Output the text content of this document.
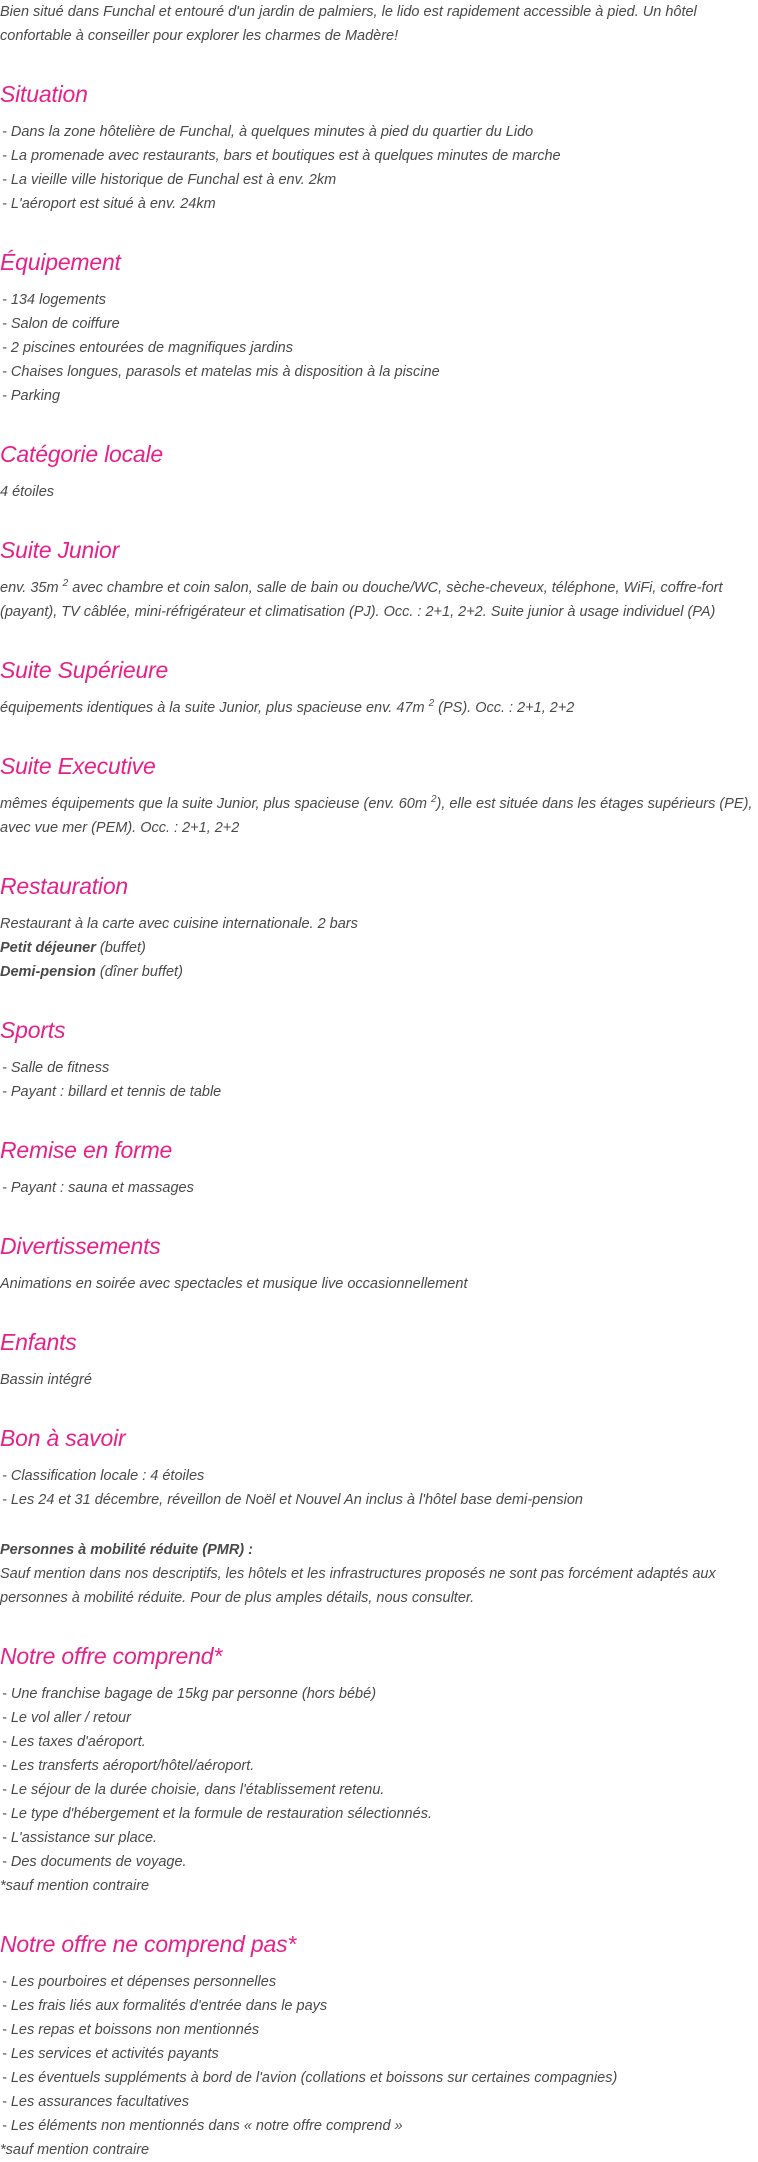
Bien situé dans Funchal et entouré d'un jardin de palmiers, le lido est rapidement accessible à pied. Un hôtel confortable à conseiller pour explorer les charmes de Madère!

Situation
- Dans la zone hôtelière de Funchal, à quelques minutes à pied du quartier du Lido
- La promenade avec restaurants, bars et boutiques est à quelques minutes de marche
- La vieille ville historique de Funchal est à env. 2km
- L'aéroport est situé à env. 24km
Équipement
- 134 logements
- Salon de coiffure
- 2 piscines entourées de magnifiques jardins
- Chaises longues, parasols et matelas mis à disposition à la piscine
- Parking
Catégorie locale

4 étoiles

Suite Junior

env. 35m $^2$ avec chambre et coin salon, salle de bain ou douche/WC, sèche-cheveux, téléphone, WiFi, coffre-fort (payant), TV câblée, mini-réfrigérateur et climatisation (PJ). Occ. : 2+1, 2+2. Suite junior à usage individuel (PA)

Suite Supérieure

équipements identiques à la suite Junior, plus spacieuse env. 47m $^2$ (PS). Occ. : 2+1, 2+2

Suite Executive

mêmes équipements que la suite Junior, plus spacieuse (env. 60m $^2$), elle est située dans les étages supérieurs (PE), avec vue mer (PEM). Occ. : 2+1, 2+2

Restauration
Restaurant à la carte avec cuisine internationale. 2 bars
Petit déjeuner (buffet)
Demi-pension (dîner buffet)
Sports
- Salle de fitness
- Payant : billard et tennis de table
Remise en forme
- Payant : sauna et massages
Divertissements

Animations en soirée avec spectacles et musique live occasionnellement

Enfants

Bassin intégré

Bon à savoir
- Classification locale : 4 étoiles
- Les 24 et 31 décembre, réveillon de Noël et Nouvel An inclus à l'hôtel base demi-pension
Personnes à mobilité réduite (PMR) :

Sauf mention dans nos descriptifs, les hôtels et les infrastructures proposés ne sont pas forcément adaptés aux personnes à mobilité réduite. Pour de plus amples détails, nous consulter.

Notre offre comprend*
- Une franchise bagage de 15kg par personne (hors bébé)
- Le vol aller / retour
- Les taxes d'aéroport.
- Les transferts aéroport/hôtel/aéroport.
- Le séjour de la durée choisie, dans l'établissement retenu.
- Le type d'hébergement et la formule de restauration sélectionnés.
- L'assistance sur place.
- Des documents de voyage.
*sauf mention contraire
Notre offre ne comprend pas*
- Les pourboires et dépenses personnelles
- Les frais liés aux formalités d'entrée dans le pays
- Les repas et boissons non mentionnés
- Les services et activités payants
- Les éventuels suppléments à bord de l'avion (collations et boissons sur certaines compagnies)
- Les assurances facultatives
- Les éléments non mentionnés dans « notre offre comprend »
*sauf mention contraire
